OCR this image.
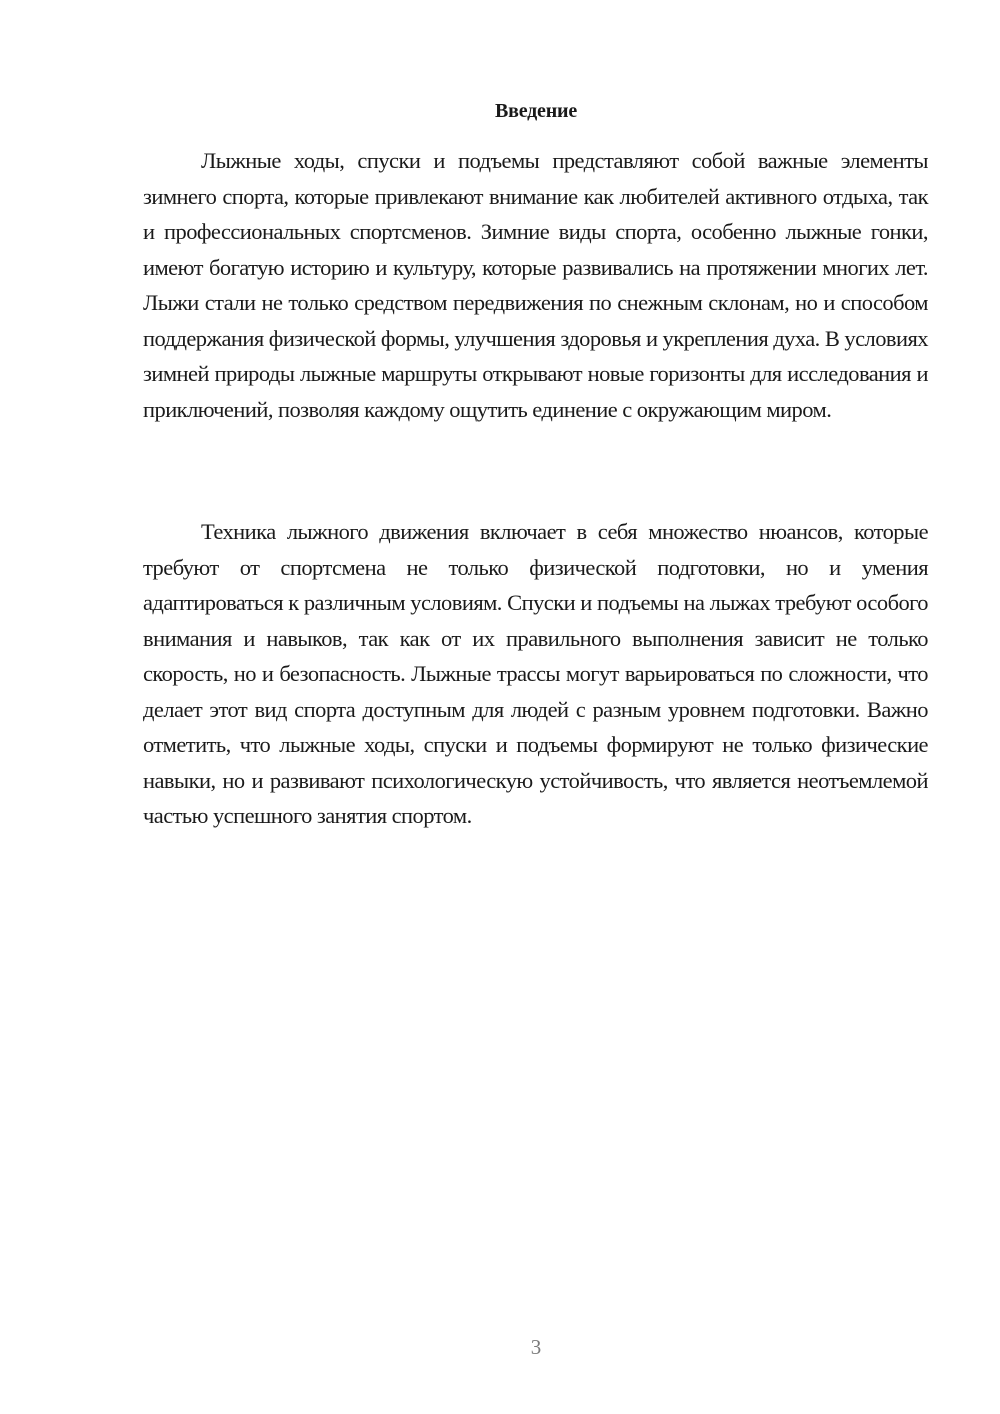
Введение

Лыжные ходы, спуски и подъемы представляют собой важные элементы зимнего спорта, которые привлекают внимание как любителей активного отдыха, так и профессиональных спортсменов. Зимние виды спорта, особенно лыжные гонки, имеют богатую историю и культуру, которые развивались на протяжении многих лет. Лыжи стали не только средством передвижения по снежным склонам, но и способом поддержания физической формы, улучшения здоровья и укрепления духа. В условиях зимней природы лыжные маршруты открывают новые горизонты для исследования и приключений, позволяя каждому ощутить единение с окружающим миром.

Техника лыжного движения включает в себя множество нюансов, которые требуют от спортсмена не только физической подготовки, но и умения адаптироваться к различным условиям. Спуски и подъемы на лыжах требуют особого внимания и навыков, так как от их правильного выполнения зависит не только скорость, но и безопасность. Лыжные трассы могут варьироваться по сложности, что делает этот вид спорта доступным для людей с разным уровнем подготовки. Важно отметить, что лыжные ходы, спуски и подъемы формируют не только физические навыки, но и развивают психологическую устойчивость, что является неотъемлемой частью успешного занятия спортом.

3
